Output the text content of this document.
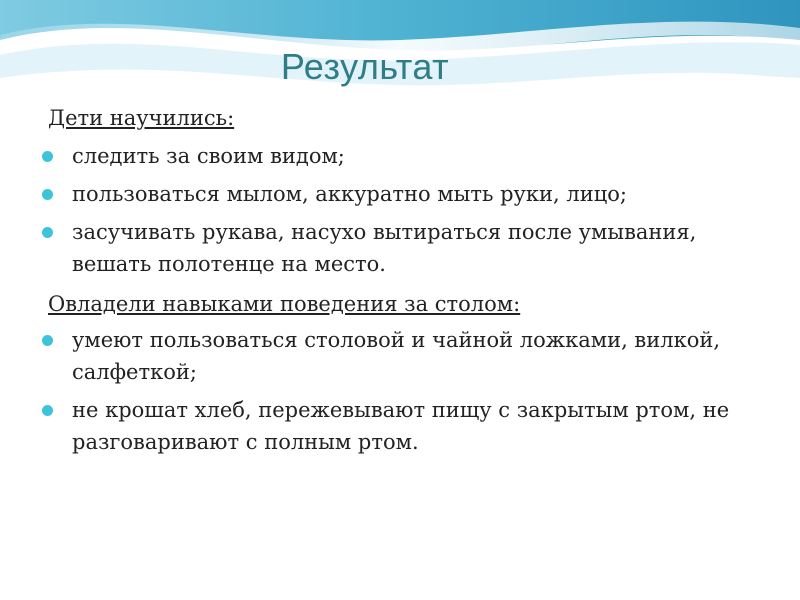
Результат
Дети научились:
следить за своим видом;
пользоваться мылом, аккуратно мыть руки, лицо;
засучивать рукава, насухо вытираться после умывания, вешать полотенце на место.
Овладели навыками поведения за столом:
умеют пользоваться столовой и чайной ложками, вилкой, салфеткой;
не крошат хлеб, пережевывают пищу с закрытым ртом, не разговаривают с полным ртом.
